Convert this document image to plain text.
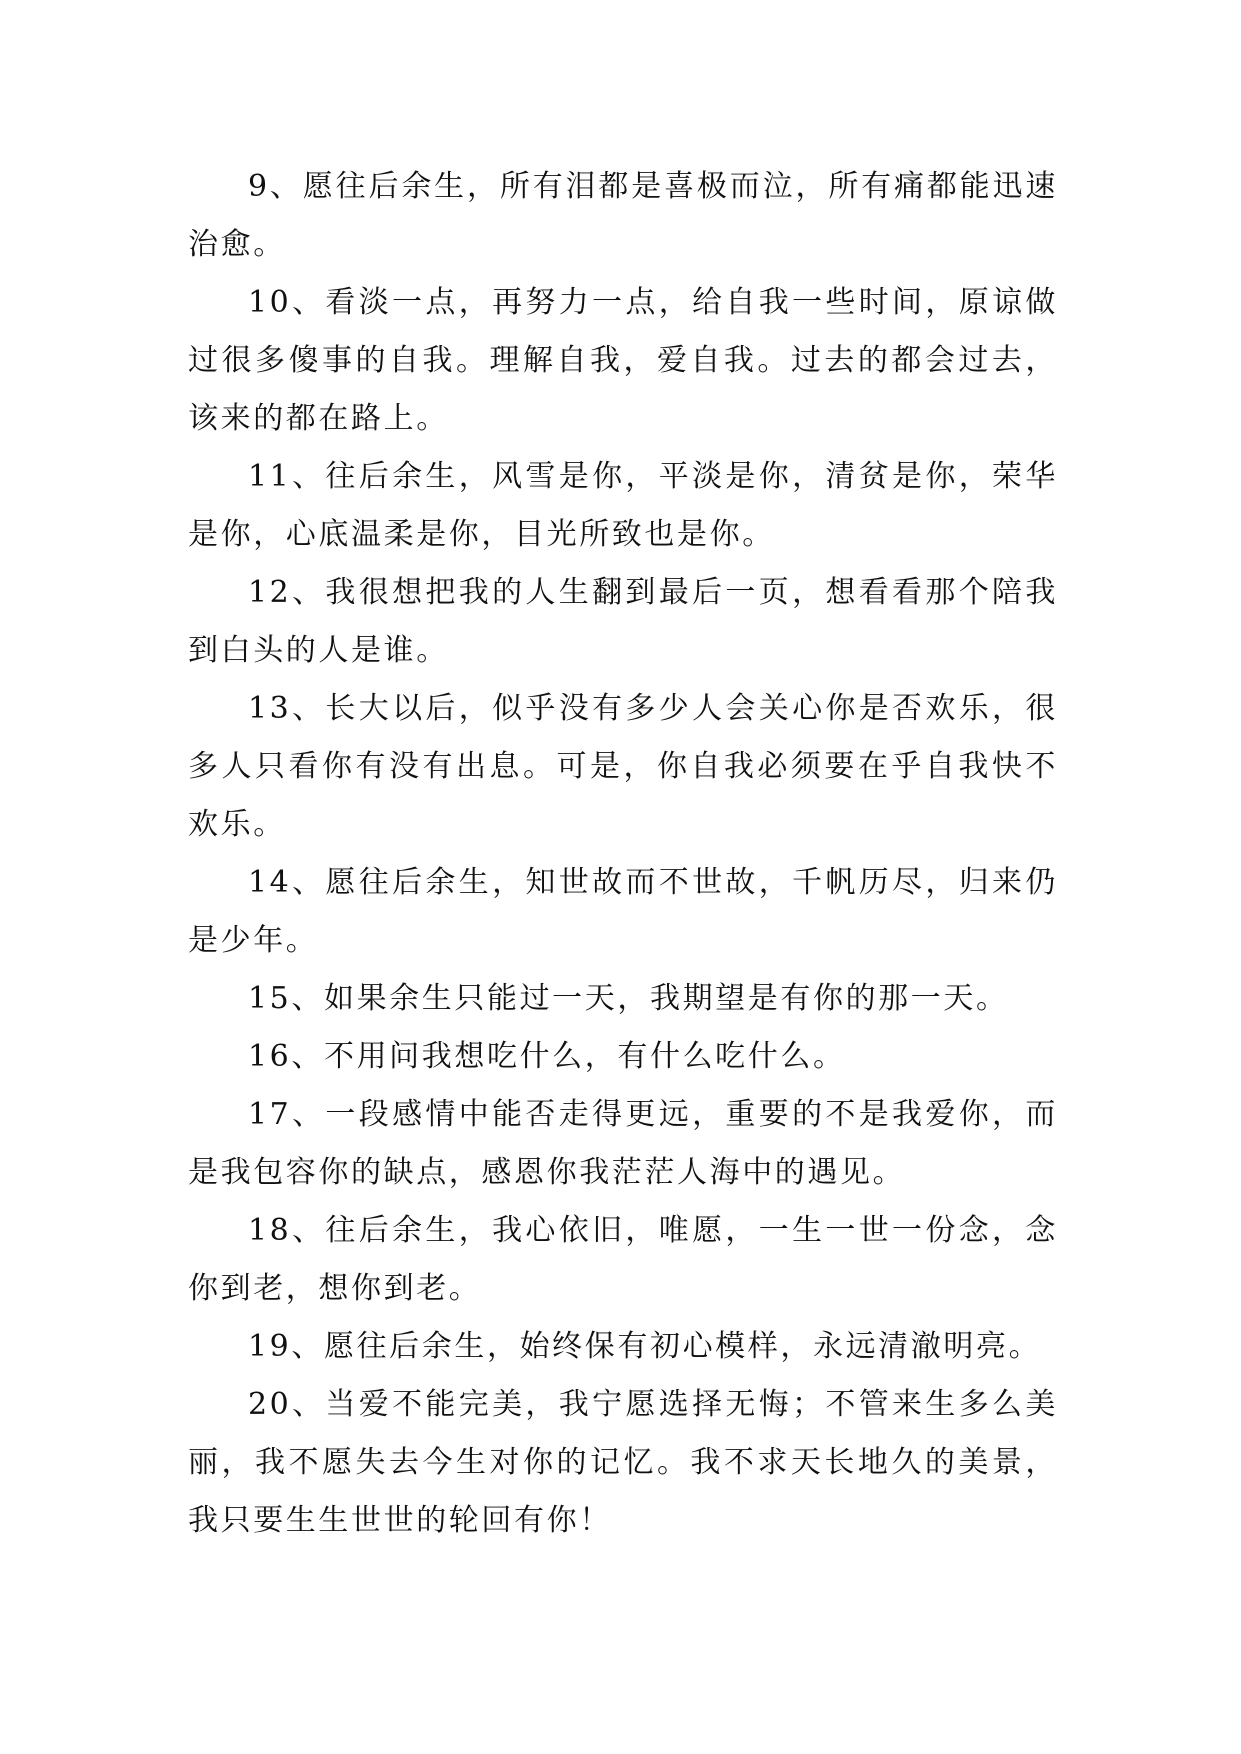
9、愿往后余生，所有泪都是喜极而泣，所有痛都能迅速治愈。

10、看淡一点，再努力一点，给自我一些时间，原谅做过很多傻事的自我。理解自我，爱自我。过去的都会过去，该来的都在路上。

11、往后余生，风雪是你，平淡是你，清贫是你，荣华是你，心底温柔是你，目光所致也是你。

12、我很想把我的人生翻到最后一页，想看看那个陪我到白头的人是谁。

13、长大以后，似乎没有多少人会关心你是否欢乐，很多人只看你有没有出息。可是，你自我必须要在乎自我快不欢乐。

14、愿往后余生，知世故而不世故，千帆历尽，归来仍是少年。

15、如果余生只能过一天，我期望是有你的那一天。

16、不用问我想吃什么，有什么吃什么。

17、一段感情中能否走得更远，重要的不是我爱你，而是我包容你的缺点，感恩你我茫茫人海中的遇见。

18、往后余生，我心依旧，唯愿，一生一世一份念，念你到老，想你到老。

19、愿往后余生，始终保有初心模样，永远清澈明亮。

20、当爱不能完美，我宁愿选择无悔；不管来生多么美丽，我不愿失去今生对你的记忆。我不求天长地久的美景，我只要生生世世的轮回有你！
